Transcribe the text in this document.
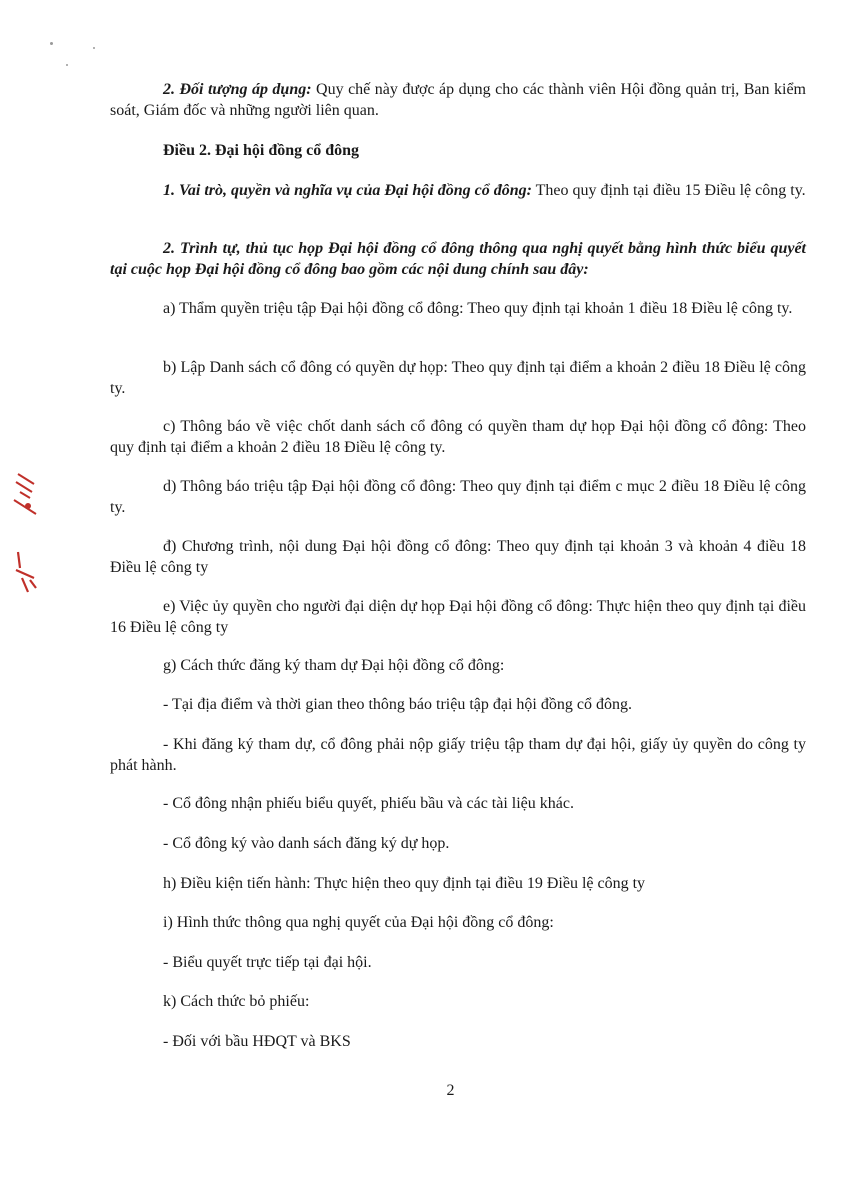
2. Đối tượng áp dụng: Quy chế này được áp dụng cho các thành viên Hội đồng quản trị, Ban kiểm soát, Giám đốc và những người liên quan.

Điều 2. Đại hội đồng cổ đông

1. Vai trò, quyền và nghĩa vụ của Đại hội đồng cổ đông: Theo quy định tại điều 15 Điều lệ công ty.

2. Trình tự, thủ tục họp Đại hội đồng cổ đông thông qua nghị quyết bằng hình thức biểu quyết tại cuộc họp Đại hội đồng cổ đông bao gồm các nội dung chính sau đây:

a) Thẩm quyền triệu tập Đại hội đồng cổ đông: Theo quy định tại khoản 1 điều 18 Điều lệ công ty.

b) Lập Danh sách cổ đông có quyền dự họp: Theo quy định tại điểm a khoản 2 điều 18 Điều lệ công ty.

c) Thông báo về việc chốt danh sách cổ đông có quyền tham dự họp Đại hội đồng cổ đông: Theo quy định tại điểm a khoản 2 điều 18 Điều lệ công ty.

d) Thông báo triệu tập Đại hội đồng cổ đông: Theo quy định tại điểm c mục 2 điều 18 Điều lệ công ty.

đ) Chương trình, nội dung Đại hội đồng cổ đông: Theo quy định tại khoản 3 và khoản 4 điều 18 Điều lệ công ty

e) Việc ủy quyền cho người đại diện dự họp Đại hội đồng cổ đông: Thực hiện theo quy định tại điều 16 Điều lệ công ty

g) Cách thức đăng ký tham dự Đại hội đồng cổ đông:

- Tại địa điểm và thời gian theo thông báo triệu tập đại hội đồng cổ đông.

- Khi đăng ký tham dự, cổ đông phải nộp giấy triệu tập tham dự đại hội, giấy ủy quyền do công ty phát hành.

- Cổ đông nhận phiếu biểu quyết, phiếu bầu và các tài liệu khác.

- Cổ đông ký vào danh sách đăng ký dự họp.

h) Điều kiện tiến hành: Thực hiện theo quy định tại điều 19 Điều lệ công ty

i) Hình thức thông qua nghị quyết của Đại hội đồng cổ đông:

- Biểu quyết trực tiếp tại đại hội.

k) Cách thức bỏ phiếu:

- Đối với bầu HĐQT và BKS

2
